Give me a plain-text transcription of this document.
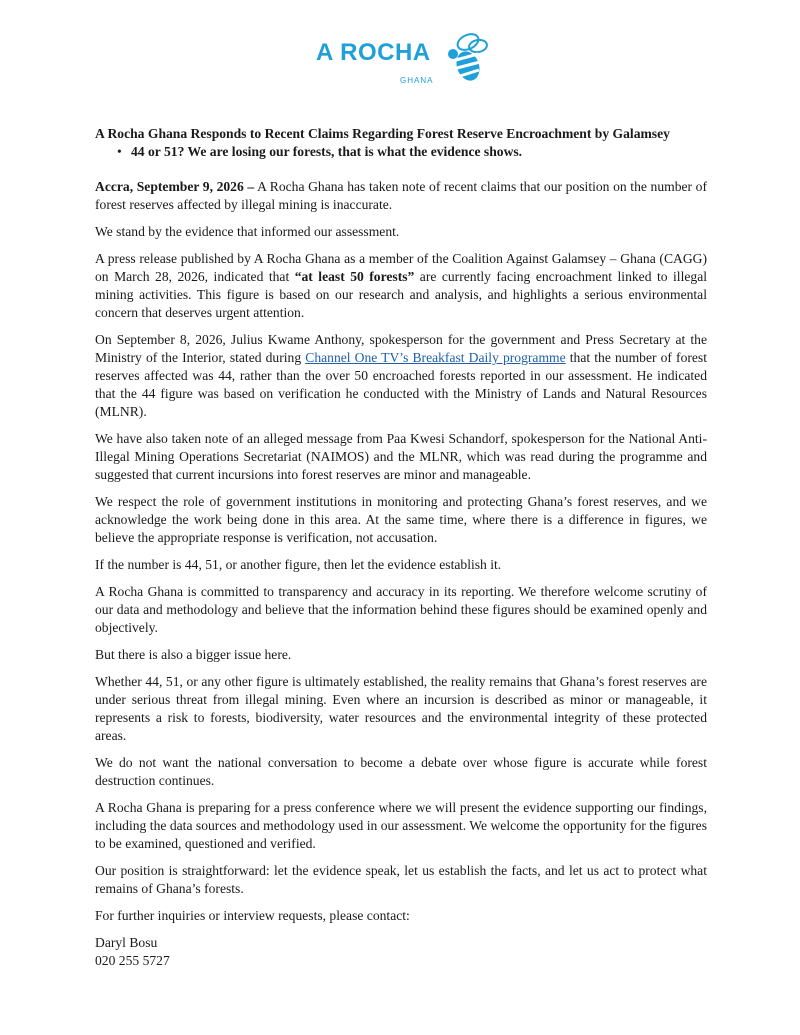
A ROCHA
GHANA
A Rocha Ghana Responds to Recent Claims Regarding Forest Reserve Encroachment by Galamsey
• 44 or 51? We are losing our forests, that is what the evidence shows.

Accra, September 9, 2026 – A Rocha Ghana has taken note of recent claims that our position on the number of forest reserves affected by illegal mining is inaccurate.

We stand by the evidence that informed our assessment.

A press release published by A Rocha Ghana as a member of the Coalition Against Galamsey – Ghana (CAGG) on March 28, 2026, indicated that “at least 50 forests” are currently facing encroachment linked to illegal mining activities. This figure is based on our research and analysis, and highlights a serious environmental concern that deserves urgent attention.

On September 8, 2026, Julius Kwame Anthony, spokesperson for the government and Press Secretary at the Ministry of the Interior, stated during Channel One TV’s Breakfast Daily programme that the number of forest reserves affected was 44, rather than the over 50 encroached forests reported in our assessment. He indicated that the 44 figure was based on verification he conducted with the Ministry of Lands and Natural Resources (MLNR).

We have also taken note of an alleged message from Paa Kwesi Schandorf, spokesperson for the National Anti-Illegal Mining Operations Secretariat (NAIMOS) and the MLNR, which was read during the programme and suggested that current incursions into forest reserves are minor and manageable.

We respect the role of government institutions in monitoring and protecting Ghana’s forest reserves, and we acknowledge the work being done in this area. At the same time, where there is a difference in figures, we believe the appropriate response is verification, not accusation.

If the number is 44, 51, or another figure, then let the evidence establish it.

A Rocha Ghana is committed to transparency and accuracy in its reporting. We therefore welcome scrutiny of our data and methodology and believe that the information behind these figures should be examined openly and objectively.

But there is also a bigger issue here.

Whether 44, 51, or any other figure is ultimately established, the reality remains that Ghana’s forest reserves are under serious threat from illegal mining. Even where an incursion is described as minor or manageable, it represents a risk to forests, biodiversity, water resources and the environmental integrity of these protected areas.

We do not want the national conversation to become a debate over whose figure is accurate while forest destruction continues.

A Rocha Ghana is preparing for a press conference where we will present the evidence supporting our findings, including the data sources and methodology used in our assessment. We welcome the opportunity for the figures to be examined, questioned and verified.

Our position is straightforward: let the evidence speak, let us establish the facts, and let us act to protect what remains of Ghana’s forests.

For further inquiries or interview requests, please contact:

Daryl Bosu

020 255 5727
